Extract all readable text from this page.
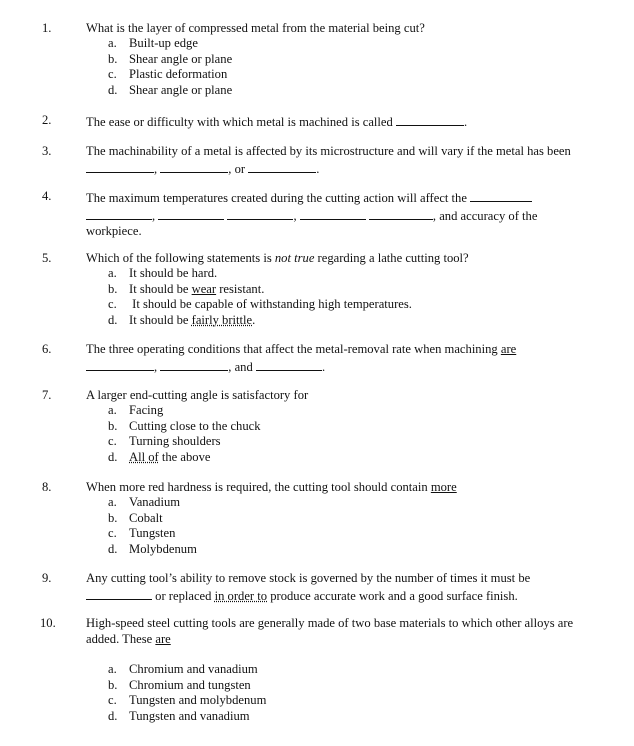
1.	What is the layer of compressed metal from the material being cut?
a. Built-up edge
b. Shear angle or plane
c. Plastic deformation
d. Shear angle or plane
2.	The ease or difficulty with which metal is machined is called	.
3.	The machinability of a metal is affected by its microstructure and will vary if the metal has been
,	, or	.
4.	The maximum temperatures created during the cutting action will affect the
,	,	, and accuracy of the
workpiece.
5.	Which of the following statements is not true regarding a lathe cutting tool?
a. It should be hard.
b. It should be wear resistant.
c. It should be capable of withstanding high temperatures.
d. It should be fairly brittle.
6.	The three operating conditions that affect the metal-removal rate when machining are
,	, and	.
7.	A larger end-cutting angle is satisfactory for
a. Facing
b. Cutting close to the chuck
c. Turning shoulders
d. All of the above
8.	When more red hardness is required, the cutting tool should contain more
a. Vanadium
b. Cobalt
c. Tungsten
d. Molybdenum
9.	Any cutting tool’s ability to remove stock is governed by the number of times it must be
or replaced in order to produce accurate work and a good surface finish.
10. High-speed steel cutting tools are generally made of two base materials to which other alloys are
added. These are
a. Chromium and vanadium
b. Chromium and tungsten
c. Tungsten and molybdenum
d. Tungsten and vanadium
